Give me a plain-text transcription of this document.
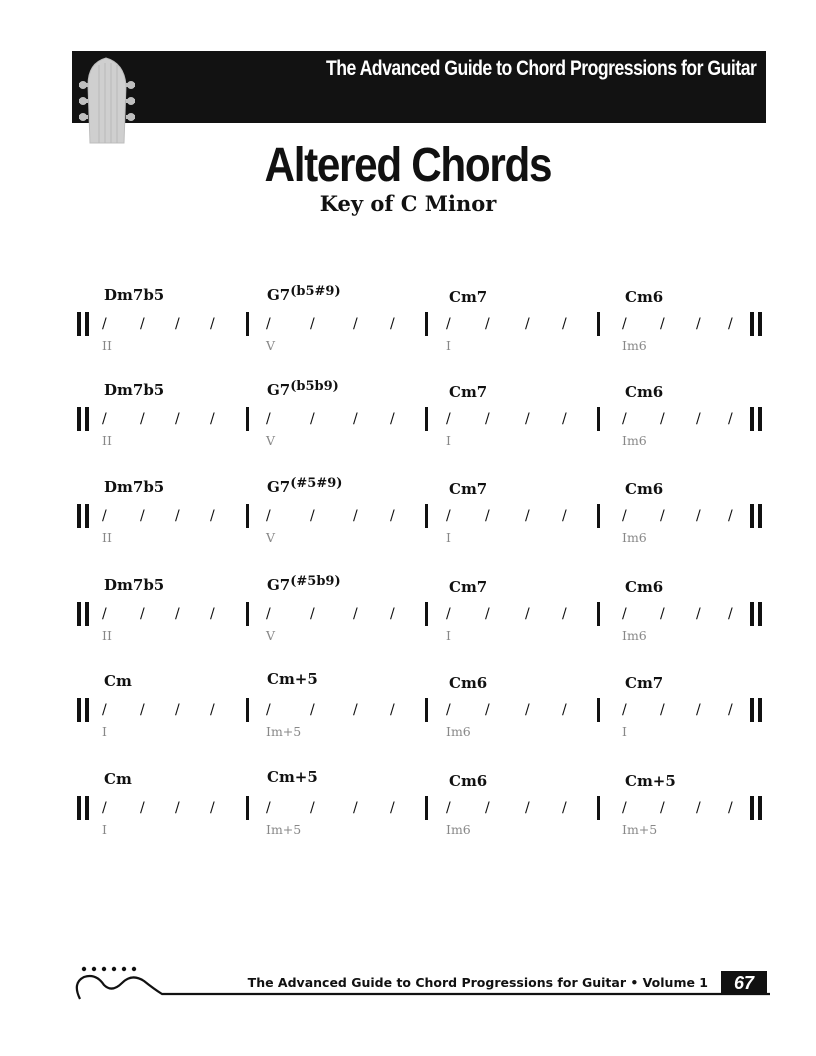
The Advanced Guide to Chord Progressions for Guitar
Altered Chords
Key of C Minor
Dm7b5
/ / / /
II
$G7^{(b5\#9)}$
/	/	/ /
V
Cm7
/ /	/ /
I
Cm6
/ / / /
Im6
Dm7b5
/ / / /
II
$G7^{(b5b9)}$
/	/	/ /
V
Cm7
/ /	/ /
I
Cm6
/ / / /
Im6
Dm7b5
/ / / /
II
$G7^{(\#5\#9)}$
/	/	/ /
V
Cm7
/ /	/ /
I
Cm6
/ / / /
Im6
Dm7b5
/ / / /
II
$G7^{(\#5b9)}$
/	/	/ /
V
Cm7
/ /	/ /
I
Cm6
/ / / /
Im6
Cm
/ / / /
I
Cm+5
/	/	/ /
Im+5
Cm6
/ /	/ /
Im6
Cm7
/ / / /
I
Cm
/ / / /
I
Cm+5
/	/	/ /
Im+5
Cm6
/ /	/ /
Im6
Cm+5
/ / / /
Im+5
The Advanced Guide to Chord Progressions for Guitar • Volume 1	67
